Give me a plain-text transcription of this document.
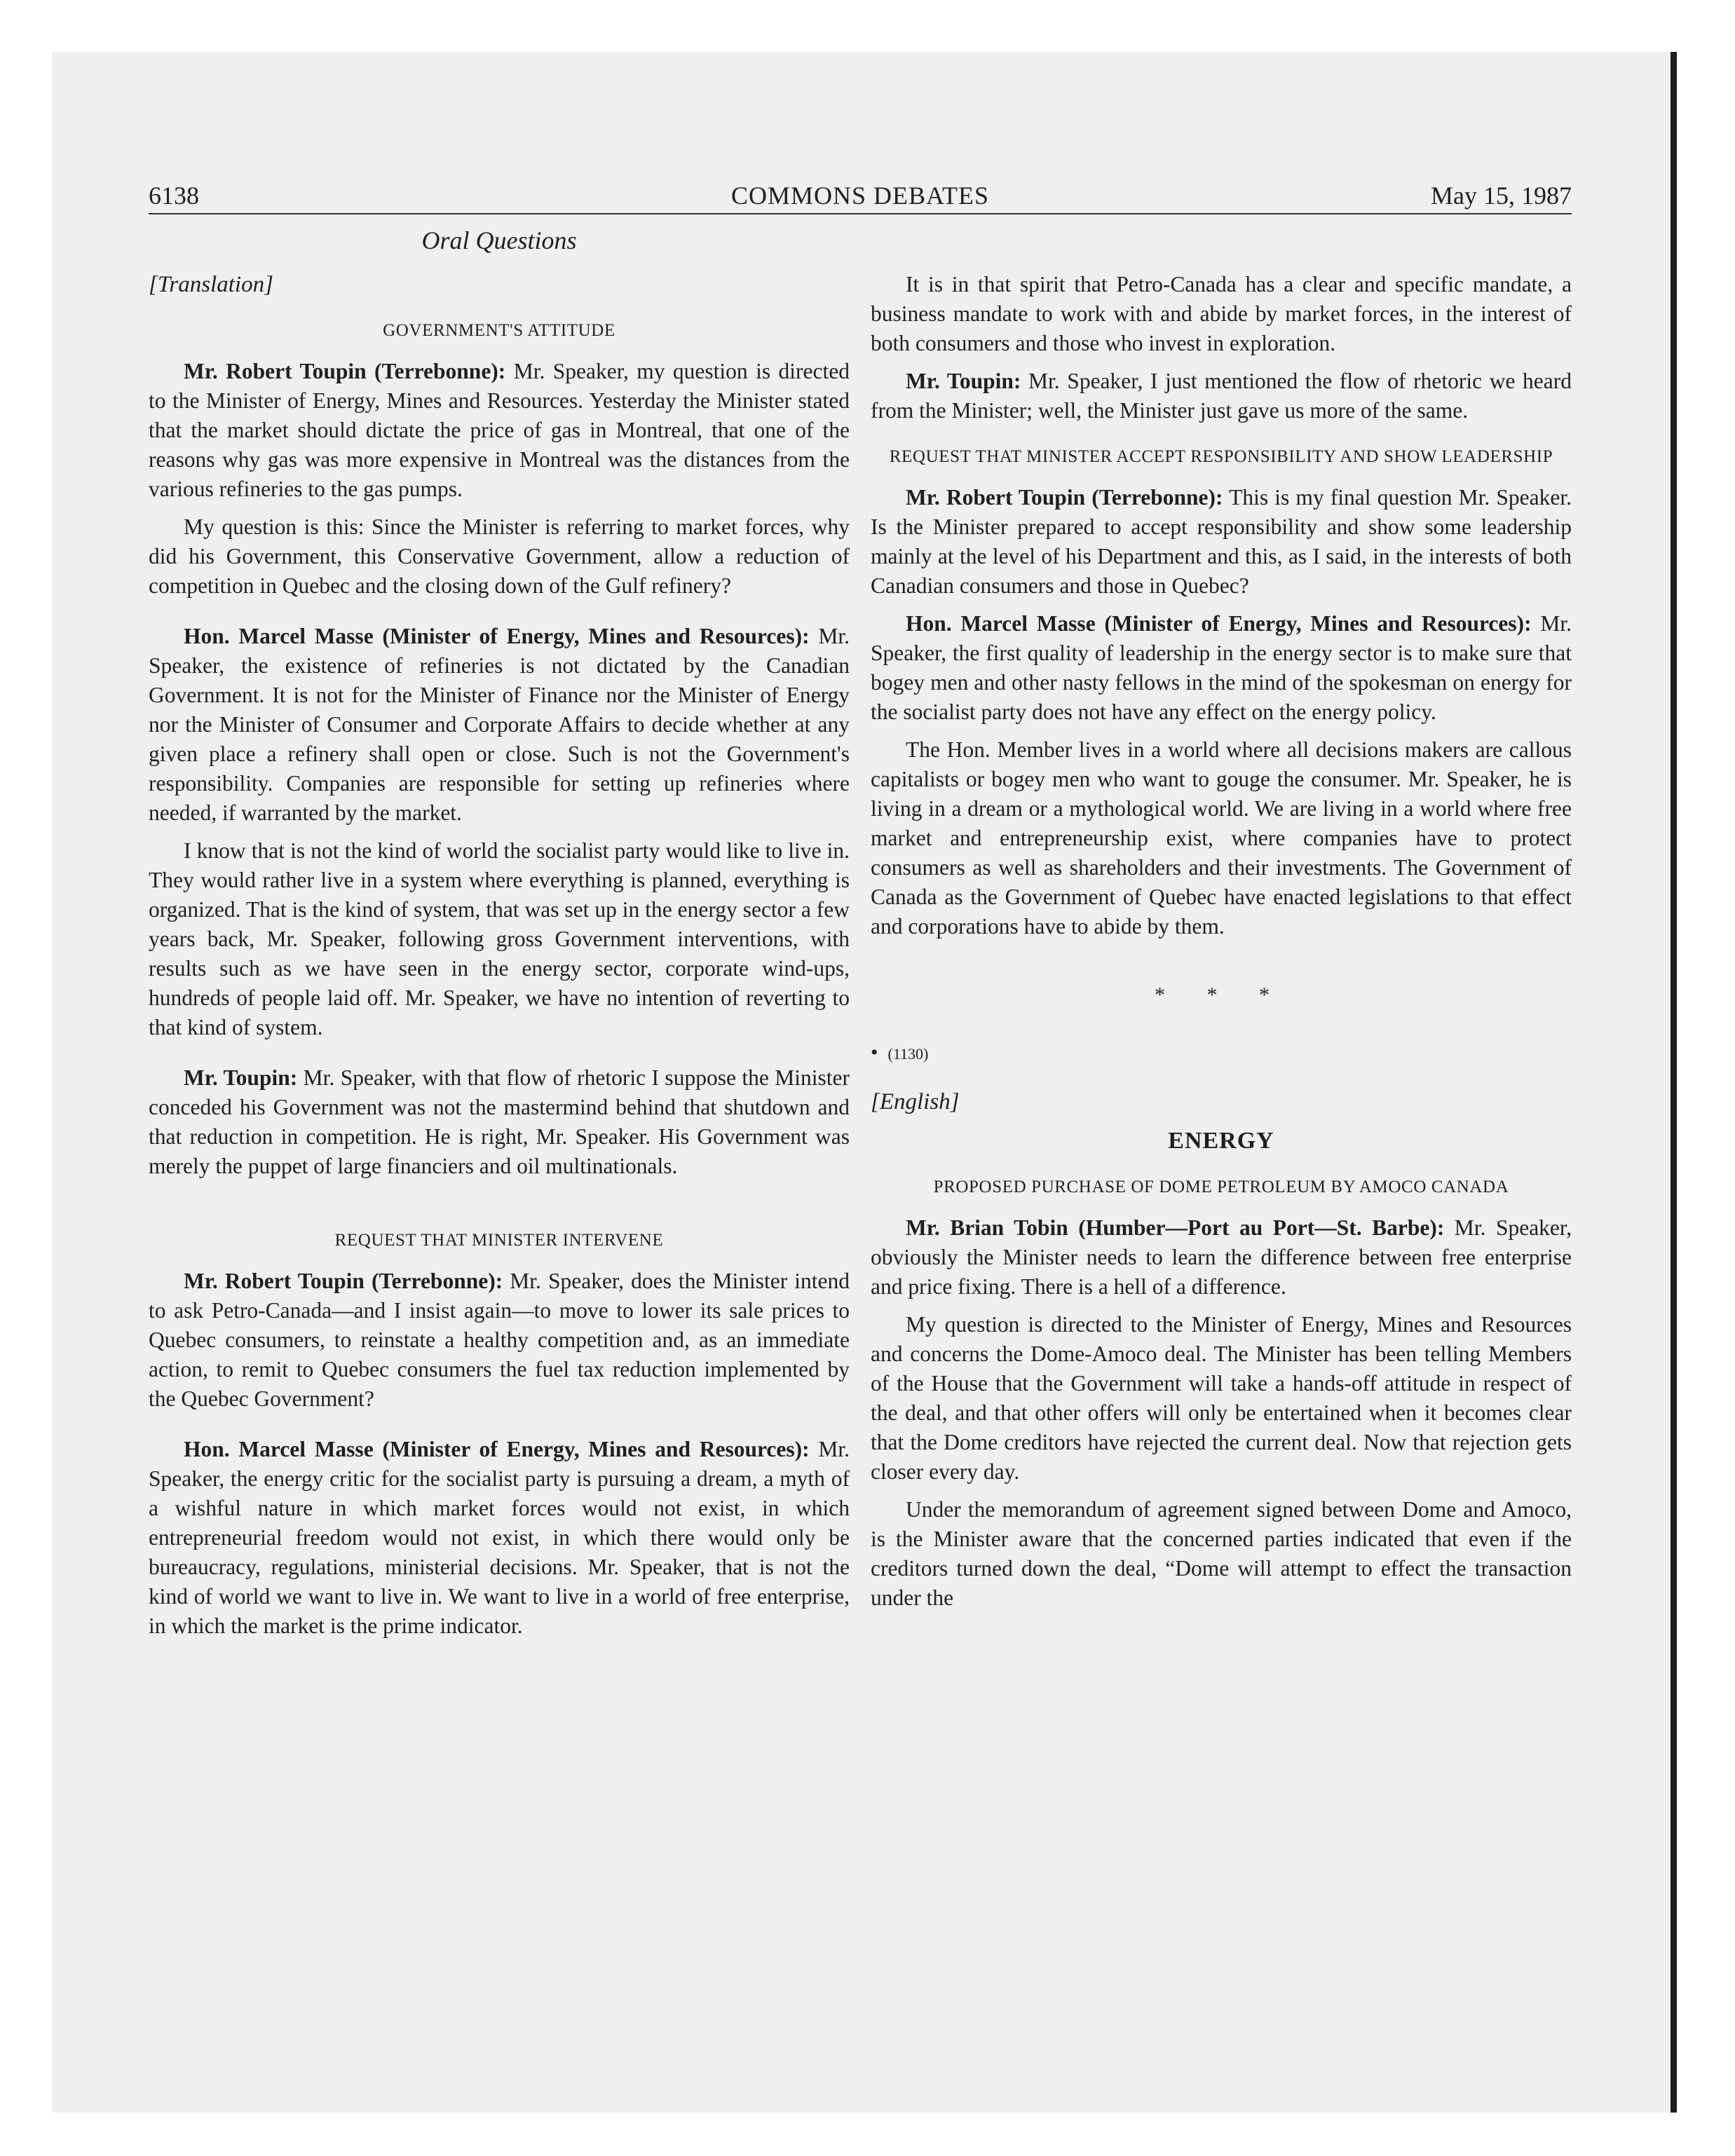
6138	COMMONS DEBATES	May 15, 1987
Oral Questions

[Translation]

GOVERNMENT'S ATTITUDE

Mr. Robert Toupin (Terrebonne): Mr. Speaker, my question is directed to the Minister of Energy, Mines and Resources. Yesterday the Minister stated that the market should dictate the price of gas in Montreal, that one of the reasons why gas was more expensive in Montreal was the distances from the various refineries to the gas pumps.

My question is this: Since the Minister is referring to market forces, why did his Government, this Conservative Government, allow a reduction of competition in Quebec and the closing down of the Gulf refinery?

Hon. Marcel Masse (Minister of Energy, Mines and Resources): Mr. Speaker, the existence of refineries is not dictated by the Canadian Government. It is not for the Minister of Finance nor the Minister of Energy nor the Minister of Consumer and Corporate Affairs to decide whether at any given place a refinery shall open or close. Such is not the Government's responsibility. Companies are responsible for setting up refineries where needed, if warranted by the market.

I know that is not the kind of world the socialist party would like to live in. They would rather live in a system where everything is planned, everything is organized. That is the kind of system, that was set up in the energy sector a few years back, Mr. Speaker, following gross Government interventions, with results such as we have seen in the energy sector, corporate wind-ups, hundreds of people laid off. Mr. Speaker, we have no intention of reverting to that kind of system.

Mr. Toupin: Mr. Speaker, with that flow of rhetoric I suppose the Minister conceded his Government was not the mastermind behind that shutdown and that reduction in competition. He is right, Mr. Speaker. His Government was merely the puppet of large financiers and oil multinationals.

REQUEST THAT MINISTER INTERVENE

Mr. Robert Toupin (Terrebonne): Mr. Speaker, does the Minister intend to ask Petro-Canada—and I insist again—to move to lower its sale prices to Quebec consumers, to reinstate a healthy competition and, as an immediate action, to remit to Quebec consumers the fuel tax reduction implemented by the Quebec Government?

Hon. Marcel Masse (Minister of Energy, Mines and Resources): Mr. Speaker, the energy critic for the socialist party is pursuing a dream, a myth of a wishful nature in which market forces would not exist, in which entrepreneurial freedom would not exist, in which there would only be bureaucracy, regulations, ministerial decisions. Mr. Speaker, that is not the kind of world we want to live in. We want to live in a world of free enterprise, in which the market is the prime indicator.

It is in that spirit that Petro-Canada has a clear and specific mandate, a business mandate to work with and abide by market forces, in the interest of both consumers and those who invest in exploration.

Mr. Toupin: Mr. Speaker, I just mentioned the flow of rhetoric we heard from the Minister; well, the Minister just gave us more of the same.

REQUEST THAT MINISTER ACCEPT RESPONSIBILITY AND SHOW LEADERSHIP

Mr. Robert Toupin (Terrebonne): This is my final question Mr. Speaker. Is the Minister prepared to accept responsibility and show some leadership mainly at the level of his Department and this, as I said, in the interests of both Canadian consumers and those in Quebec?

Hon. Marcel Masse (Minister of Energy, Mines and Resources): Mr. Speaker, the first quality of leadership in the energy sector is to make sure that bogey men and other nasty fellows in the mind of the spokesman on energy for the socialist party does not have any effect on the energy policy.

The Hon. Member lives in a world where all decisions makers are callous capitalists or bogey men who want to gouge the consumer. Mr. Speaker, he is living in a dream or a mythological world. We are living in a world where free market and entrepreneurship exist, where companies have to protect consumers as well as shareholders and their investments. The Government of Canada as the Government of Quebec have enacted legislations to that effect and corporations have to abide by them.

* * *

• (1130)

[English]

ENERGY

PROPOSED PURCHASE OF DOME PETROLEUM BY AMOCO CANADA

Mr. Brian Tobin (Humber—Port au Port—St. Barbe): Mr. Speaker, obviously the Minister needs to learn the difference between free enterprise and price fixing. There is a hell of a difference.

My question is directed to the Minister of Energy, Mines and Resources and concerns the Dome-Amoco deal. The Minister has been telling Members of the House that the Government will take a hands-off attitude in respect of the deal, and that other offers will only be entertained when it becomes clear that the Dome creditors have rejected the current deal. Now that rejection gets closer every day.

Under the memorandum of agreement signed between Dome and Amoco, is the Minister aware that the concerned parties indicated that even if the creditors turned down the deal, “Dome will attempt to effect the transaction under the
